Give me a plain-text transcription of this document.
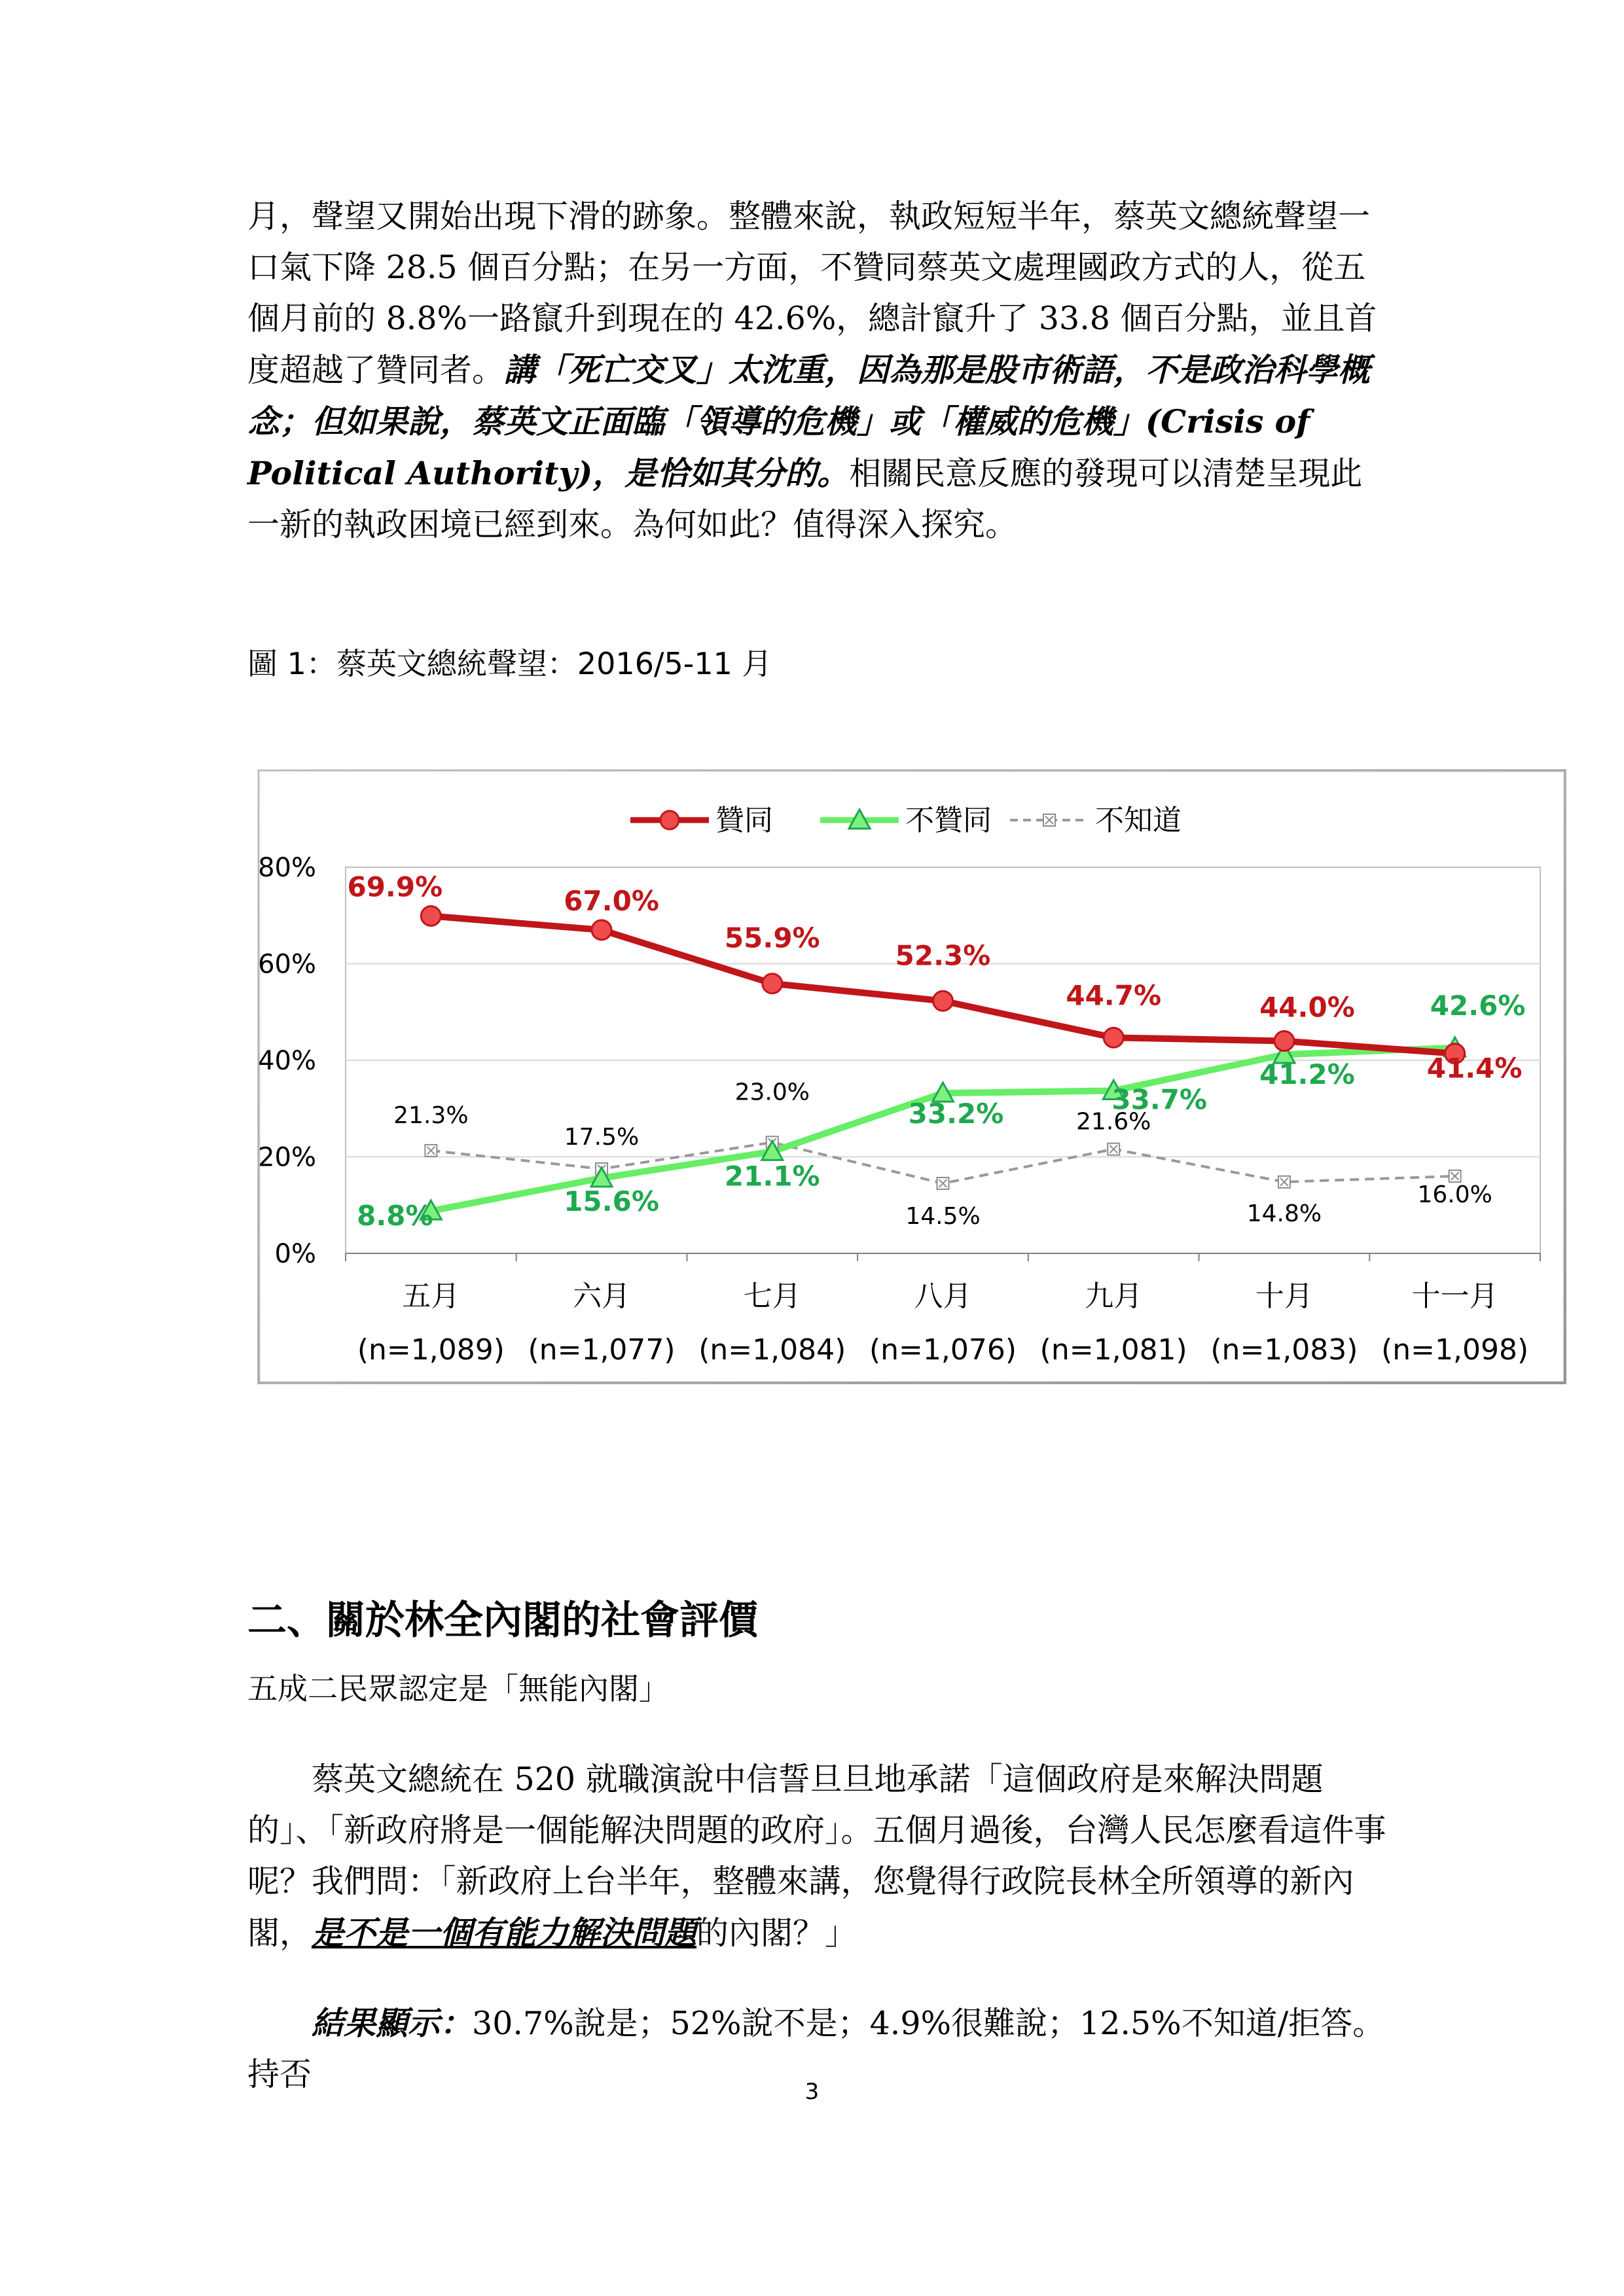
月，聲望又開始出現下滑的跡象。整體來說，執政短短半年，蔡英文總統聲望一口氣下降 28.5 個百分點；在另一方面，不贊同蔡英文處理國政方式的人，從五個月前的 8.8%一路竄升到現在的 42.6%，總計竄升了 33.8 個百分點，並且首度超越了贊同者。講「死亡交叉」太沈重，因為那是股市術語，不是政治科學概念；但如果說，蔡英文正面臨「領導的危機」或「權威的危機」(Crisis of Political Authority)，是恰如其分的。相關民意反應的發現可以清楚呈現此一新的執政困境已經到來。為何如此？值得深入探究。

圖 1：蔡英文總統聲望：2016/5-11 月

0%
20%
40%
60%
80%
五月
(n=1,089)
六月
(n=1,077)
七月
(n=1,084)
八月
(n=1,076)
九月
(n=1,081)
十月
(n=1,083)
十一月
(n=1,098)
贊同	不贊同	不知道
69.9%	67.0%
55.9%
52.3%
44.7%	44.0%
41.4%
8.8%	15.6%
21.1%
33.2%	33.7%
41.2%
42.6%
21.3%
17.5%
23.0%
14.5%
21.6%
14.8%
16.0%

二、關於林全內閣的社會評價

五成二民眾認定是「無能內閣」

蔡英文總統在 520 就職演說中信誓旦旦地承諾「這個政府是來解決問題的」、「新政府將是一個能解決問題的政府」。五個月過後，台灣人民怎麼看這件事呢？我們問：「新政府上台半年，整體來講，您覺得行政院長林全所領導的新內閣，是不是一個有能力解決問題的內閣？」

結果顯示：30.7%說是；52%說不是；4.9%很難說；12.5%不知道/拒答。持否	3
